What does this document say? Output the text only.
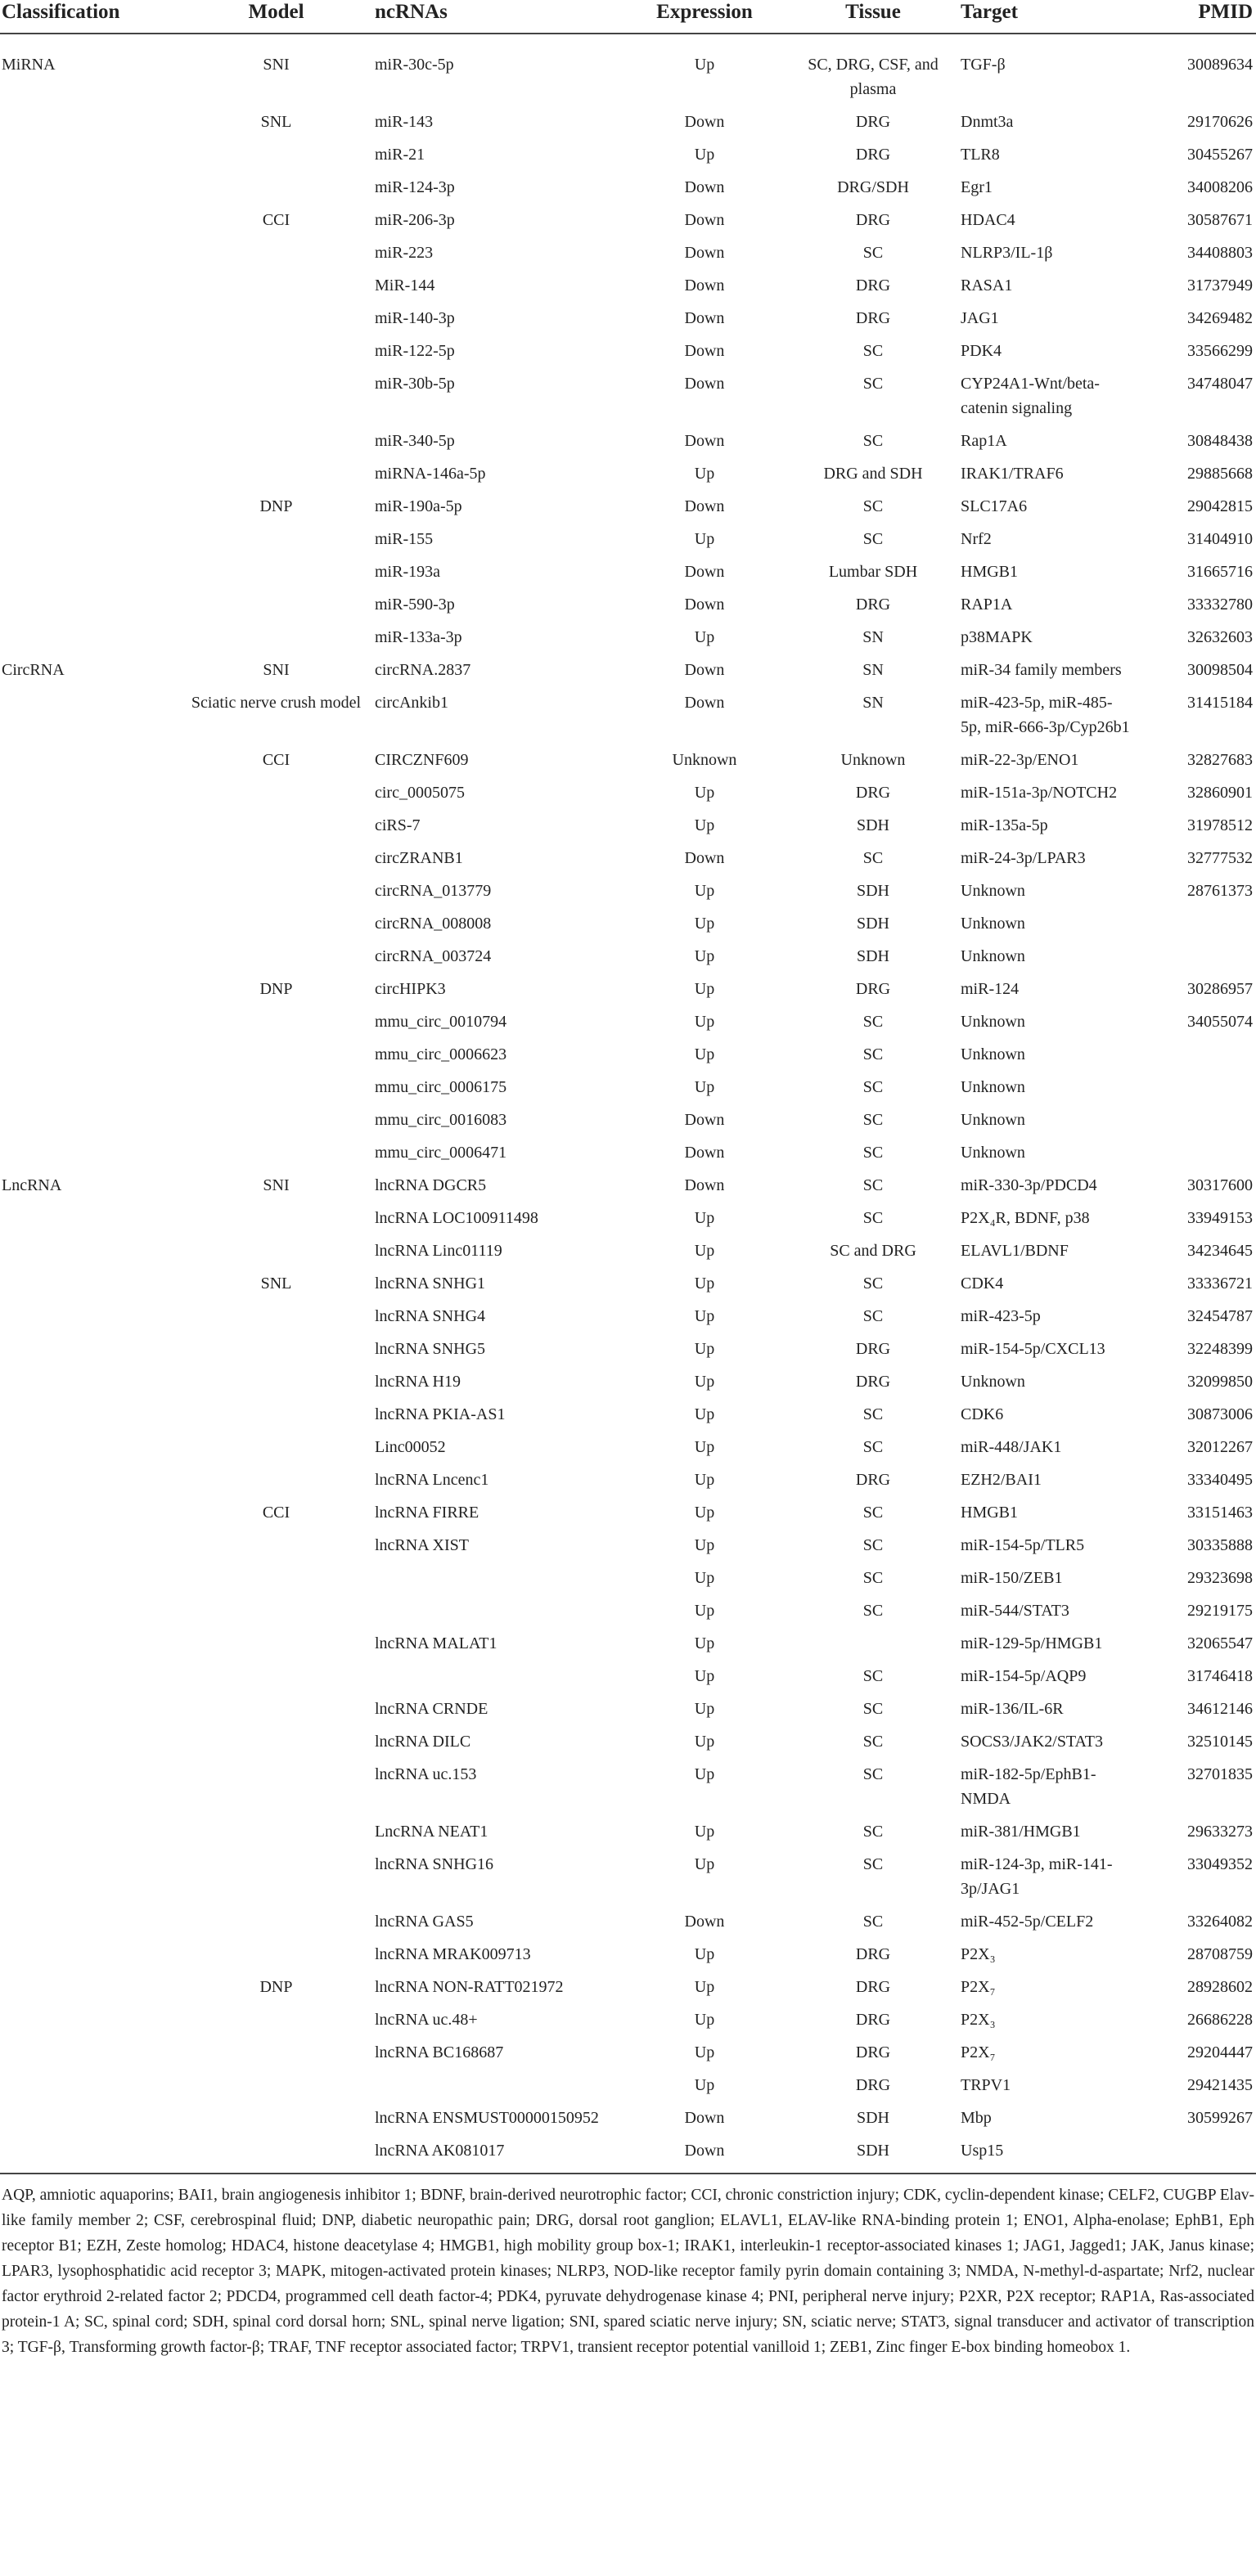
Classification	Model	ncRNAs	Expression	Tissue	Target	PMID
MiRNA	SNI	miR-30c-5p	Up	SC, DRG, CSF, and plasma	TGF-β	30089634
	SNL	miR-143	Down	DRG	Dnmt3a	29170626
		miR-21	Up	DRG	TLR8	30455267
		miR-124-3p	Down	DRG/SDH	Egr1	34008206
	CCI	miR-206-3p	Down	DRG	HDAC4	30587671
		miR-223	Down	SC	NLRP3/IL-1β	34408803
		MiR-144	Down	DRG	RASA1	31737949
		miR-140-3p	Down	DRG	JAG1	34269482
		miR-122-5p	Down	SC	PDK4	33566299
		miR-30b-5p	Down	SC	CYP24A1-Wnt/beta-catenin signaling	34748047
		miR-340-5p	Down	SC	Rap1A	30848438
		miRNA-146a-5p	Up	DRG and SDH	IRAK1/TRAF6	29885668
	DNP	miR-190a-5p	Down	SC	SLC17A6	29042815
		miR-155	Up	SC	Nrf2	31404910
		miR-193a	Down	Lumbar SDH	HMGB1	31665716
		miR-590-3p	Down	DRG	RAP1A	33332780
		miR-133a-3p	Up	SN	p38MAPK	32632603
CircRNA	SNI	circRNA.2837	Down	SN	miR-34 family members	30098504
	Sciatic nerve crush model	circAnkib1	Down	SN	miR-423-5p, miR-485-5p, miR-666-3p/Cyp26b1	31415184
	CCI	CIRCZNF609	Unknown	Unknown	miR-22-3p/ENO1	32827683
		circ_0005075	Up	DRG	miR-151a-3p/NOTCH2	32860901
		ciRS-7	Up	SDH	miR-135a-5p	31978512
		circZRANB1	Down	SC	miR-24-3p/LPAR3	32777532
		circRNA_013779	Up	SDH	Unknown	28761373
		circRNA_008008	Up	SDH	Unknown	
		circRNA_003724	Up	SDH	Unknown	
	DNP	circHIPK3	Up	DRG	miR-124	30286957
		mmu_circ_0010794	Up	SC	Unknown	34055074
		mmu_circ_0006623	Up	SC	Unknown	
		mmu_circ_0006175	Up	SC	Unknown	
		mmu_circ_0016083	Down	SC	Unknown	
		mmu_circ_0006471	Down	SC	Unknown	
LncRNA	SNI	lncRNA DGCR5	Down	SC	miR-330-3p/PDCD4	30317600
		lncRNA LOC100911498	Up	SC	P2X₄R, BDNF, p38	33949153
		lncRNA Linc01119	Up	SC and DRG	ELAVL1/BDNF	34234645
	SNL	lncRNA SNHG1	Up	SC	CDK4	33336721
		lncRNA SNHG4	Up	SC	miR-423-5p	32454787
		lncRNA SNHG5	Up	DRG	miR-154-5p/CXCL13	32248399
		lncRNA H19	Up	DRG	Unknown	32099850
		lncRNA PKIA-AS1	Up	SC	CDK6	30873006
		Linc00052	Up	SC	miR-448/JAK1	32012267
		lncRNA Lncenc1	Up	DRG	EZH2/BAI1	33340495
	CCI	lncRNA FIRRE	Up	SC	HMGB1	33151463
		lncRNA XIST	Up	SC	miR-154-5p/TLR5	30335888
			Up	SC	miR-150/ZEB1	29323698
			Up	SC	miR-544/STAT3	29219175
		lncRNA MALAT1	Up		miR-129-5p/HMGB1	32065547
			Up	SC	miR-154-5p/AQP9	31746418
		lncRNA CRNDE	Up	SC	miR-136/IL-6R	34612146
		lncRNA DILC	Up	SC	SOCS3/JAK2/STAT3	32510145
		lncRNA uc.153	Up	SC	miR-182-5p/EphB1-NMDA	32701835
		LncRNA NEAT1	Up	SC	miR-381/HMGB1	29633273
		lncRNA SNHG16	Up	SC	miR-124-3p, miR-141-3p/JAG1	33049352
		lncRNA GAS5	Down	SC	miR-452-5p/CELF2	33264082
		lncRNA MRAK009713	Up	DRG	P2X₃	28708759
	DNP	lncRNA NON-RATT021972	Up	DRG	P2X₇	28928602
		lncRNA uc.48+	Up	DRG	P2X₃	26686228
		lncRNA BC168687	Up	DRG	P2X₇	29204447
			Up	DRG	TRPV1	29421435
		lncRNA ENSMUST00000150952	Down	SDH	Mbp	30599267
		lncRNA AK081017	Down	SDH	Usp15	
AQP, amniotic aquaporins; BAI1, brain angiogenesis inhibitor 1; BDNF, brain-derived neurotrophic factor; CCI, chronic constriction injury; CDK, cyclin-dependent kinase; CELF2, CUGBP Elav-like family member 2; CSF, cerebrospinal fluid; DNP, diabetic neuropathic pain; DRG, dorsal root ganglion; ELAVL1, ELAV-like RNA-binding protein 1; ENO1, Alpha-enolase; EphB1, Eph receptor B1; EZH, Zeste homolog; HDAC4, histone deacetylase 4; HMGB1, high mobility group box-1; IRAK1, interleukin-1 receptor-associated kinases 1; JAG1, Jagged1; JAK, Janus kinase; LPAR3, lysophosphatidic acid receptor 3; MAPK, mitogen-activated protein kinases; NLRP3, NOD-like receptor family pyrin domain containing 3; NMDA, N-methyl-d-aspartate; Nrf2, nuclear factor erythroid 2-related factor 2; PDCD4, programmed cell death factor-4; PDK4, pyruvate dehydrogenase kinase 4; PNI, peripheral nerve injury; P2XR, P2X receptor; RAP1A, Ras-associated protein-1 A; SC, spinal cord; SDH, spinal cord dorsal horn; SNL, spinal nerve ligation; SNI, spared sciatic nerve injury; SN, sciatic nerve; STAT3, signal transducer and activator of transcription 3; TGF-β, Transforming growth factor-β; TRAF, TNF receptor associated factor; TRPV1, transient receptor potential vanilloid 1; ZEB1, Zinc finger E-box binding homeobox 1.
